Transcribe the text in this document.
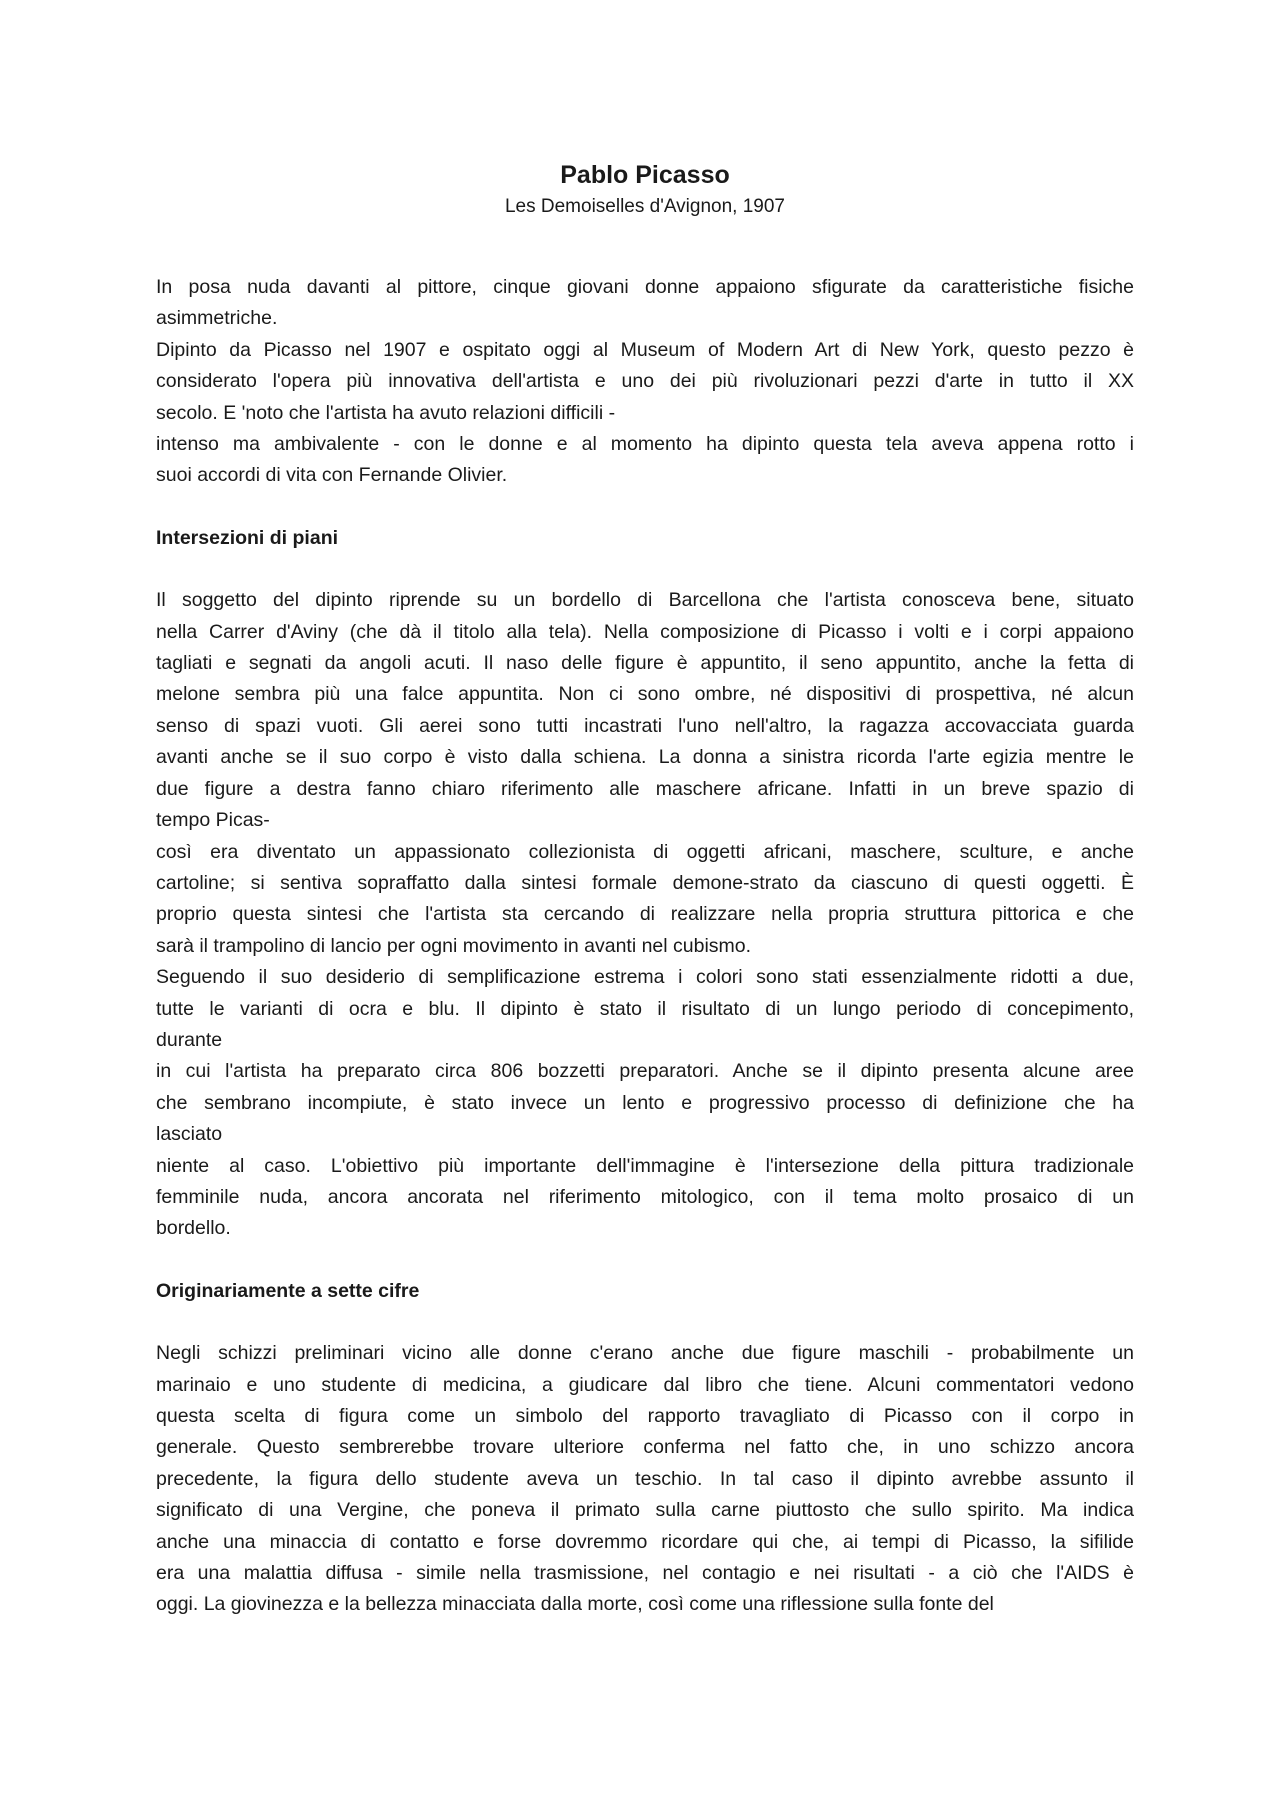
Pablo Picasso

Les Demoiselles d'Avignon, 1907

In posa nuda davanti al pittore, cinque giovani donne appaiono sfigurate da caratteristiche fisiche
asimmetriche.

Dipinto da Picasso nel 1907 e ospitato oggi al Museum of Modern Art di New York, questo pezzo è
considerato l'opera più innovativa dell'artista e uno dei più rivoluzionari pezzi d'arte in tutto il XX
secolo. E 'noto che l'artista ha avuto relazioni difficili -

intenso ma ambivalente - con le donne e al momento ha dipinto questa tela aveva appena rotto i
suoi accordi di vita con Fernande Olivier.

Intersezioni di piani

Il soggetto del dipinto riprende su un bordello di Barcellona che l'artista conosceva bene, situato
nella Carrer d'Aviny (che dà il titolo alla tela). Nella composizione di Picasso i volti e i corpi appaiono
tagliati e segnati da angoli acuti. Il naso delle figure è appuntito, il seno appuntito, anche la fetta di
melone sembra più una falce appuntita. Non ci sono ombre, né dispositivi di prospettiva, né alcun
senso di spazi vuoti. Gli aerei sono tutti incastrati l'uno nell'altro, la ragazza accovacciata guarda
avanti anche se il suo corpo è visto dalla schiena. La donna a sinistra ricorda l'arte egizia mentre le
due figure a destra fanno chiaro riferimento alle maschere africane. Infatti in un breve spazio di
tempo Picas-

così era diventato un appassionato collezionista di oggetti africani, maschere, sculture, e anche
cartoline; si sentiva sopraffatto dalla sintesi formale demone-strato da ciascuno di questi oggetti. È
proprio questa sintesi che l'artista sta cercando di realizzare nella propria struttura pittorica e che
sarà il trampolino di lancio per ogni movimento in avanti nel cubismo.

Seguendo il suo desiderio di semplificazione estrema i colori sono stati essenzialmente ridotti a due,
tutte le varianti di ocra e blu. Il dipinto è stato il risultato di un lungo periodo di concepimento,
durante

in cui l'artista ha preparato circa 806 bozzetti preparatori. Anche se il dipinto presenta alcune aree
che sembrano incompiute, è stato invece un lento e progressivo processo di definizione che ha
lasciato

niente al caso. L'obiettivo più importante dell'immagine è l'intersezione della pittura tradizionale
femminile nuda, ancora ancorata nel riferimento mitologico, con il tema molto prosaico di un
bordello.

Originariamente a sette cifre

Negli schizzi preliminari vicino alle donne c'erano anche due figure maschili - probabilmente un
marinaio e uno studente di medicina, a giudicare dal libro che tiene. Alcuni commentatori vedono
questa scelta di figura come un simbolo del rapporto travagliato di Picasso con il corpo in
generale. Questo sembrerebbe trovare ulteriore conferma nel fatto che, in uno schizzo ancora
precedente, la figura dello studente aveva un teschio. In tal caso il dipinto avrebbe assunto il
significato di una Vergine, che poneva il primato sulla carne piuttosto che sullo spirito. Ma indica
anche una minaccia di contatto e forse dovremmo ricordare qui che, ai tempi di Picasso, la sifilide
era una malattia diffusa - simile nella trasmissione, nel contagio e nei risultati - a ciò che l'AIDS è
oggi. La giovinezza e la bellezza minacciata dalla morte, così come una riflessione sulla fonte del
